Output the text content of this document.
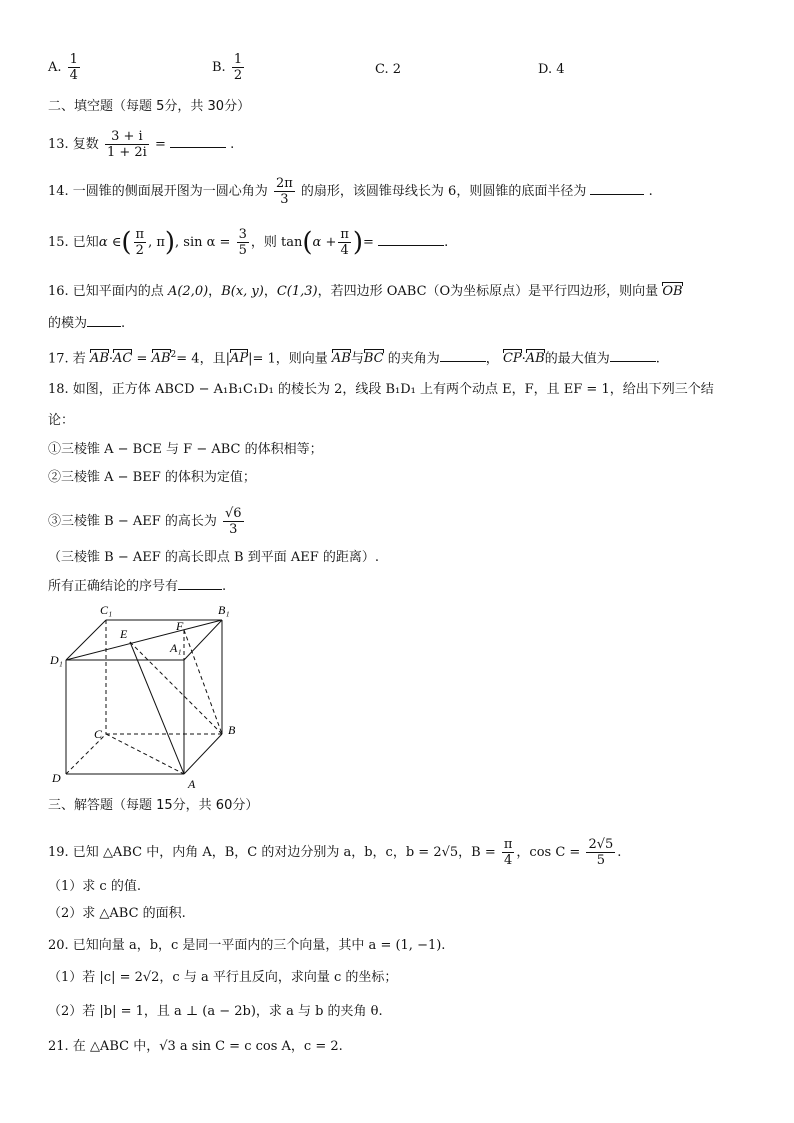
A. $\frac{1}{4}$	B. $\frac{1}{2}$	C. 2	D. 4
二、填空题（每题 5分，共 30分）
13. 复数 $\frac{3 + i}{1 + 2i}$ =	.
14. 一圆锥的侧面展开图为一圆心角为 $\frac{2\pi}{3}$ 的扇形，该圆锥母线长为 6，则圆锥的底面半径为	.
15. 已知α ∈( $\frac{\pi}{2}$ , π), $\sin \alpha = \frac{3}{5}$ ，则 $\tan(\alpha + \frac{\pi}{4}$ )=	.
16. 已知平面内的点 A(2,0)，B(x, y)，C(1,3)，若四边形 OABC（O为坐标原点）是平行四边形，则向量 OB
的模为	.
17. 若 $AB\cdot AC = AB^2= 4$，且|AP|= 1，则向量 AB与BC 的夹角为	， CP·AB的最大值为	.
18. 如图，正方体 ABCD − A₁B₁C₁D₁ 的棱长为 2，线段 B₁D₁ 上有两个动点 E，F，且 EF = 1，给出下列三个结
论：
①三棱锥 A − BCE 与 F − ABC 的体积相等；
②三棱锥 A − BEF 的体积为定值；
③三棱锥 B − AEF 的高长为 $\frac{√6}{3}$
（三棱锥 B − AEF 的高长即点 B 到平面 AEF 的距离）.
所有正确结论的序号有	.
C₁	B₁
E
F
A₁
D₁
C	B
D	A
三、解答题（每题 15分，共 60分）
19. 已知 △ABC 中，内角 A，B，C 的对边分别为 a，b，c，b = 2√5，$B = \frac{\pi}{4}$ ，$\cos C = \frac{2√5}{5}$ .
（1）求 c 的值.
（2）求 △ABC 的面积.
20. 已知向量 a，b，c 是同一平面内的三个向量，其中 a = (1, −1).
（1）若 |c| = 2√2，c 与 a 平行且反向，求向量 c 的坐标；
（2）若 |b| = 1，且 a ⊥ (a − 2b)，求 a 与 b 的夹角 θ.
21. 在 △ABC 中，√3 a sin C = c cos A，c = 2.
